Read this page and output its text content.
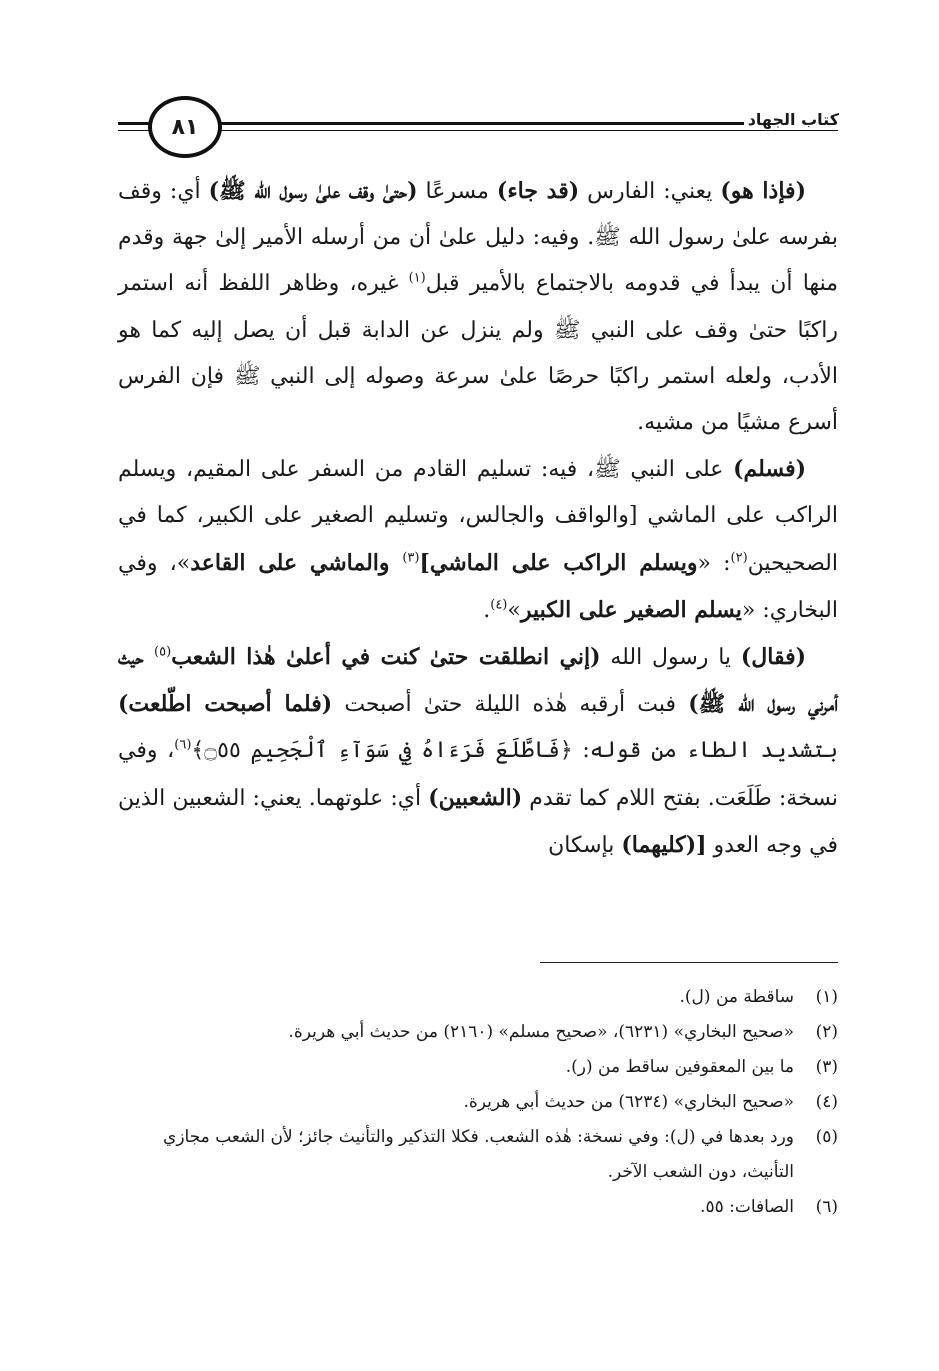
٨١	كتاب الجهاد

(فإذا هو) يعني: الفارس (قد جاء) مسرعًا (حتىٰ وقف علىٰ رسول الله ﷺ) أي: وقف بفرسه علىٰ رسول الله ﷺ. وفيه: دليل علىٰ أن من أرسله الأمير إلىٰ جهة وقدم منها أن يبدأ في قدومه بالاجتماع بالأمير قبل$^{(١)}$ غيره، وظاهر اللفظ أنه استمر راكبًا حتىٰ وقف على النبي ﷺ ولم ينزل عن الدابة قبل أن يصل إليه كما هو الأدب، ولعله استمر راكبًا حرصًا علىٰ سرعة وصوله إلى النبي ﷺ فإن الفرس أسرع مشيًا من مشيه.

(فسلم) على النبي ﷺ، فيه: تسليم القادم من السفر على المقيم، ويسلم الراكب على الماشي [والواقف والجالس، وتسليم الصغير على الكبير، كما في الصحيحين$^{(٢)}$: «ويسلم الراكب على الماشي]$^{(٣)}$ والماشي على القاعد»، وفي البخاري: «يسلم الصغير على الكبير»$^{(٤)}$.

(فقال) يا رسول الله (إني انطلقت حتىٰ كنت في أعلىٰ هٰذا الشعب$^{(٥)}$ حيث أمرني رسول الله ﷺ) فبت أرقبه هٰذه الليلة حتىٰ أصبحت (فلما أصبحت اطّلعت) بتشديد الطاء من قوله: ﴿فَاطَّلَعَ فَرَءَاهُ فِي سَوَآءِ ٱلْجَحِيمِ ۝٥٥﴾$^{(٦)}$، وفي نسخة: طَلَعَت. بفتح اللام كما تقدم (الشعبين) أي: علوتهما. يعني: الشعبين الذين في وجه العدو [(كليهما) بإسكان

(١)
ساقطة من (ل).
(٢)
«صحيح البخاري» (٦٢٣١)، «صحيح مسلم» (٢١٦٠) من حديث أبي هريرة.
(٣)
ما بين المعقوفين ساقط من (ر).
(٤)
«صحيح البخاري» (٦٢٣٤) من حديث أبي هريرة.
(٥)
ورد بعدها في (ل): وفي نسخة: هٰذه الشعب. فكلا التذكير والتأنيث جائز؛ لأن الشعب مجازي التأنيث، دون الشعب الآخر.
(٦)
الصافات: ٥٥.
